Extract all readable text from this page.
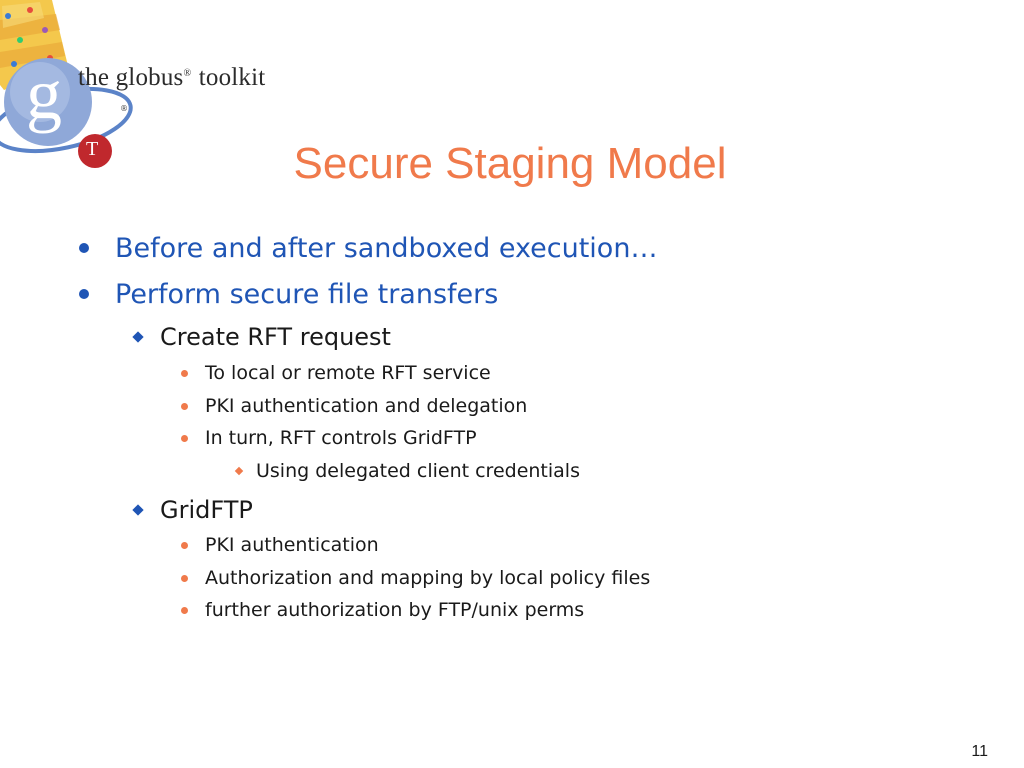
g
T
®
the globus® toolkit
Secure Staging Model
Before and after sandboxed execution…
Perform secure file transfers
Create RFT request
To local or remote RFT service
PKI authentication and delegation
In turn, RFT controls GridFTP
Using delegated client credentials
GridFTP
PKI authentication
Authorization and mapping by local policy files
further authorization by FTP/unix perms
11
